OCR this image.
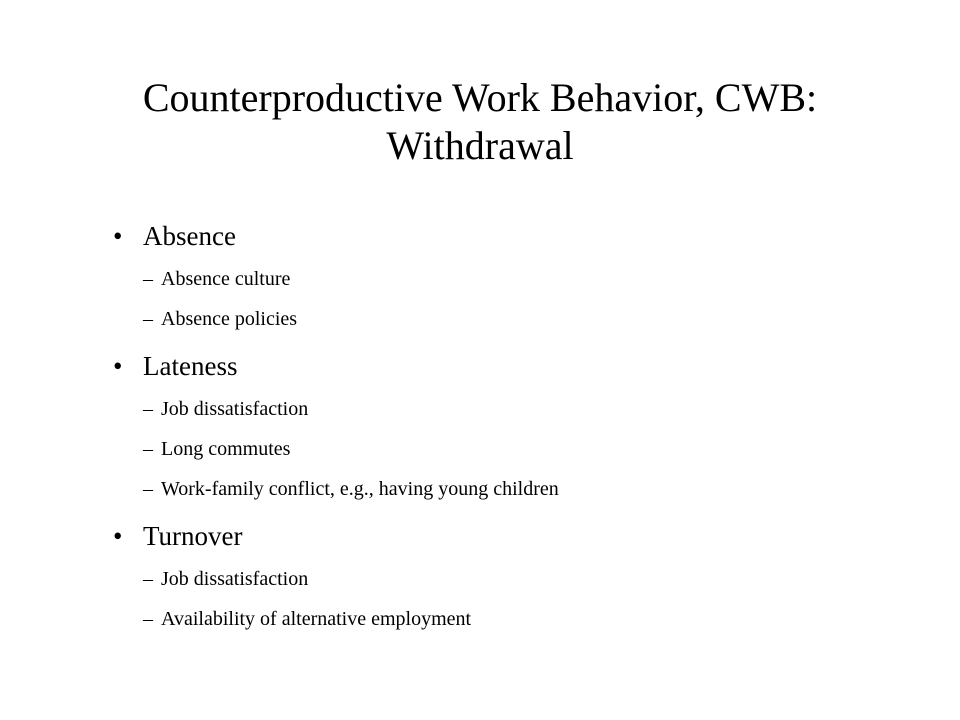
Counterproductive Work Behavior, CWB:
Withdrawal
• Absence
– Absence culture
– Absence policies
• Lateness
– Job dissatisfaction
– Long commutes
– Work-family conflict, e.g., having young children
• Turnover
– Job dissatisfaction
– Availability of alternative employment
